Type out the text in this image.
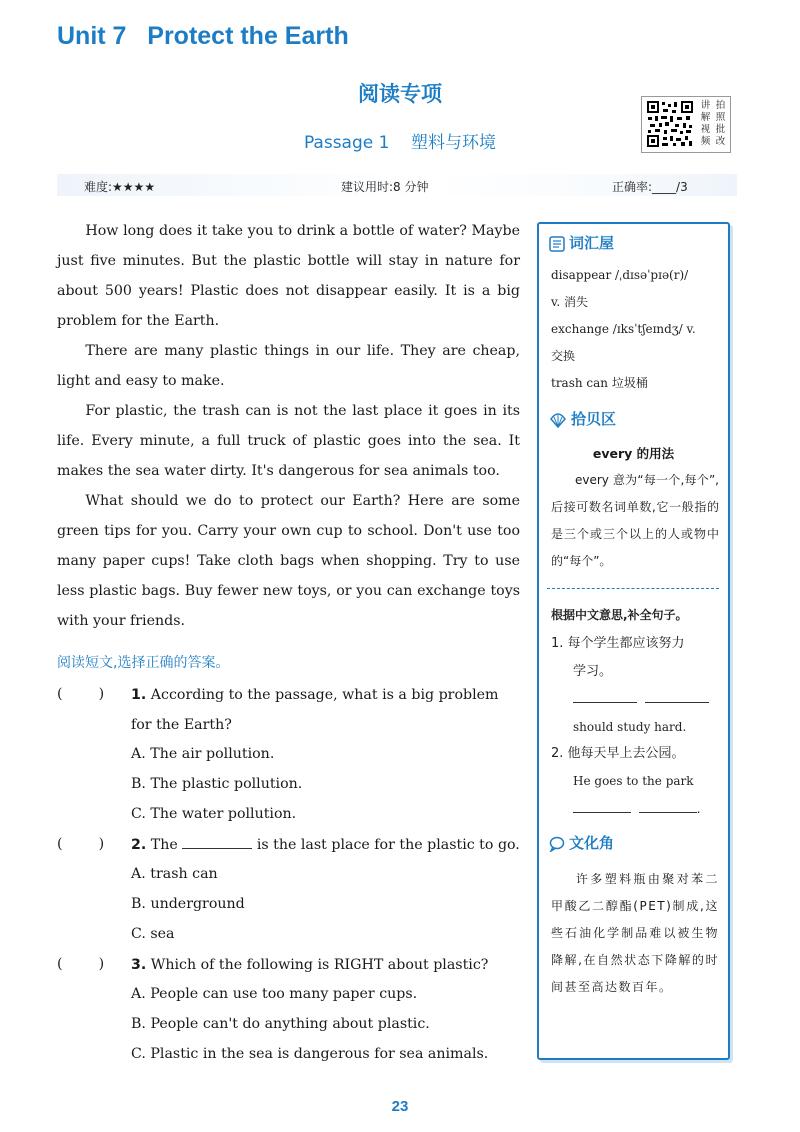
Unit 7   Protect the Earth
阅读专项
Passage 1    塑料与环境
讲 拍
解 照
视 批
频 改
难度:★★★★	建议用时:8 分钟	正确率:____/3

How long does it take you to drink a bottle of water? Maybe just five minutes. But the plastic bottle will stay in nature for about 500 years! Plastic does not disappear easily. It is a big problem for the Earth.

There are many plastic things in our life. They are cheap, light and easy to make.

For plastic, the trash can is not the last place it goes in its life. Every minute, a full truck of plastic goes into the sea. It makes the sea water dirty. It's dangerous for sea animals too.

What should we do to protect our Earth? Here are some green tips for you. Carry your own cup to school. Don't use too many paper cups! Take cloth bags when shopping. Try to use less plastic bags. Buy fewer new toys, or you can exchange toys with your friends.

阅读短文,选择正确的答案。
(        ) 1. According to the passage, what is a big problem for the Earth?
A. The air pollution.
B. The plastic pollution.
C. The water pollution.
(        ) 2. The	is the last place for the plastic to go.
A. trash can
B. underground
C. sea
(        ) 3. Which of the following is RIGHT about plastic?
A. People can use too many paper cups.
B. People can't do anything about plastic.
C. Plastic in the sea is dangerous for sea animals.
词汇屋
disappear /ˌdɪsəˈpɪə(r)/
v. 消失
exchange /ɪksˈtʃeɪndʒ/ v.
交换
trash can 垃圾桶
拾贝区
every 的用法
every 意为“每一个,每个”,后接可数名词单数,它一般指的是三个或三个以上的人或物中的“每个”。
根据中文意思,补全句子。
1. 每个学生都应该努力
学习。

should study hard.
2. 他每天早上去公园。
He goes to the park
.
文化角
许多塑料瓶由聚对苯二甲酸乙二醇酯(PET)制成,这些石油化学制品难以被生物降解,在自然状态下降解的时间甚至高达数百年。
23
